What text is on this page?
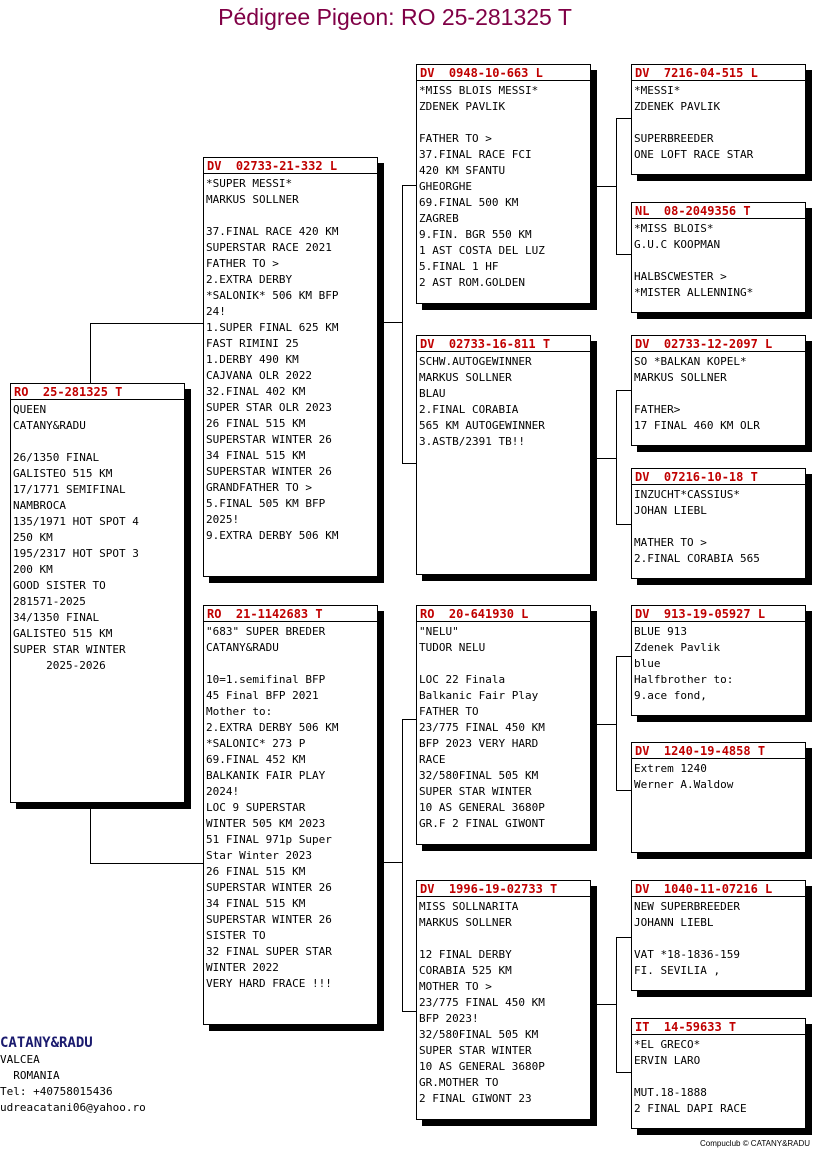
Pédigree Pigeon: RO 25-281325 T
RO  25-281325 T
QUEEN
CATANY&RADU
26/1350 FINAL
GALISTEO 515 KM
17/1771 SEMIFINAL
NAMBROCA
135/1971 HOT SPOT 4
250 KM
195/2317 HOT SPOT 3
200 KM
GOOD SISTER TO
281571-2025
34/1350 FINAL
GALISTEO 515 KM
SUPER STAR WINTER
2025-2026
DV  02733-21-332 L
*SUPER MESSI*
MARKUS SOLLNER
37.FINAL RACE 420 KM
SUPERSTAR RACE 2021
FATHER TO >
2.EXTRA DERBY
*SALONIK* 506 KM BFP
24!
1.SUPER FINAL 625 KM
FAST RIMINI 25
1.DERBY 490 KM
CAJVANA OLR 2022
32.FINAL 402 KM
SUPER STAR OLR 2023
26 FINAL 515 KM
SUPERSTAR WINTER 26
34 FINAL 515 KM
SUPERSTAR WINTER 26
GRANDFATHER TO >
5.FINAL 505 KM BFP
2025!
9.EXTRA DERBY 506 KM
RO  21-1142683 T
"683" SUPER BREDER
CATANY&RADU
10=1.semifinal BFP
45 Final BFP 2021
Mother to:
2.EXTRA DERBY 506 KM
*SALONIC* 273 P
69.FINAL 452 KM
BALKANIK FAIR PLAY
2024!
LOC 9 SUPERSTAR
WINTER 505 KM 2023
51 FINAL 971p Super
Star Winter 2023
26 FINAL 515 KM
SUPERSTAR WINTER 26
34 FINAL 515 KM
SUPERSTAR WINTER 26
SISTER TO
32 FINAL SUPER STAR
WINTER 2022
VERY HARD FRACE !!!
DV  0948-10-663 L
*MISS BLOIS MESSI*
ZDENEK PAVLIK
FATHER TO >
37.FINAL RACE FCI
420 KM SFANTU
GHEORGHE
69.FINAL 500 KM
ZAGREB
9.FIN. BGR 550 KM
1 AST COSTA DEL LUZ
5.FINAL 1 HF
2 AST ROM.GOLDEN
DV  02733-16-811 T
SCHW.AUTOGEWINNER
MARKUS SOLLNER
BLAU
2.FINAL CORABIA
565 KM AUTOGEWINNER
3.ASTB/2391 TB!!
RO  20-641930 L
"NELU"
TUDOR NELU
LOC 22 Finala
Balkanic Fair Play
FATHER TO
23/775 FINAL 450 KM
BFP 2023 VERY HARD
RACE
32/580FINAL 505 KM
SUPER STAR WINTER
10 AS GENERAL 3680P
GR.F 2 FINAL GIWONT
DV  1996-19-02733 T
MISS SOLLNARITA
MARKUS SOLLNER
12 FINAL DERBY
CORABIA 525 KM
MOTHER TO >
23/775 FINAL 450 KM
BFP 2023!
32/580FINAL 505 KM
SUPER STAR WINTER
10 AS GENERAL 3680P
GR.MOTHER TO
2 FINAL GIWONT 23
DV  7216-04-515 L
*MESSI*
ZDENEK PAVLIK
SUPERBREEDER
ONE LOFT RACE STAR
NL  08-2049356 T
*MISS BLOIS*
G.U.C KOOPMAN
HALBSCWESTER >
*MISTER ALLENNING*
DV  02733-12-2097 L
SO *BALKAN KOPEL*
MARKUS SOLLNER
FATHER>
17 FINAL 460 KM OLR
DV  07216-10-18 T
INZUCHT*CASSIUS*
JOHAN LIEBL
MATHER TO >
2.FINAL CORABIA 565
DV  913-19-05927 L
BLUE 913
Zdenek Pavlik
blue
Halfbrother to:
9.ace fond,
DV  1240-19-4858 T
Extrem 1240
Werner A.Waldow
DV  1040-11-07216 L
NEW SUPERBREEDER
JOHANN LIEBL
VAT *18-1836-159
FI. SEVILIA ,
IT  14-59633 T
*EL GRECO*
ERVIN LARO
MUT.18-1888
2 FINAL DAPI RACE
CATANY&RADU
VALCEA
ROMANIA
Tel: +40758015436
udreacatani06@yahoo.ro
Compuclub © CATANY&RADU
